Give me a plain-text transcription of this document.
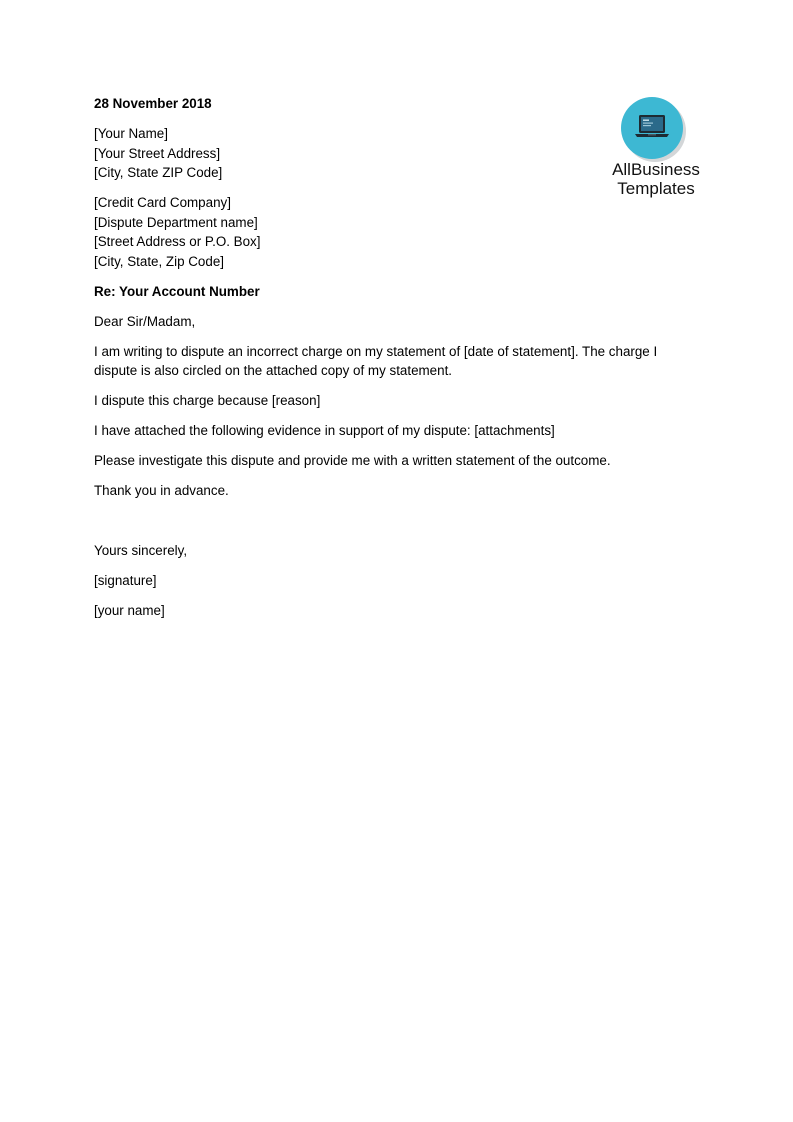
28 November 2018

[Your Name]
[Your Street Address]
[City, State ZIP Code]

[Credit Card Company]
[Dispute Department name]
[Street Address or P.O. Box]
[City, State, Zip Code]

Re: Your Account Number

Dear Sir/Madam,

I am writing to dispute an incorrect charge on my statement of [date of statement]. The charge I dispute is also circled on the attached copy of my statement.

I dispute this charge because [reason]

I have attached the following evidence in support of my dispute: [attachments]

Please investigate this dispute and provide me with a written statement of the outcome.

Thank you in advance.

Yours sincerely,

[signature]

[your name]

AllBusiness
Templates
